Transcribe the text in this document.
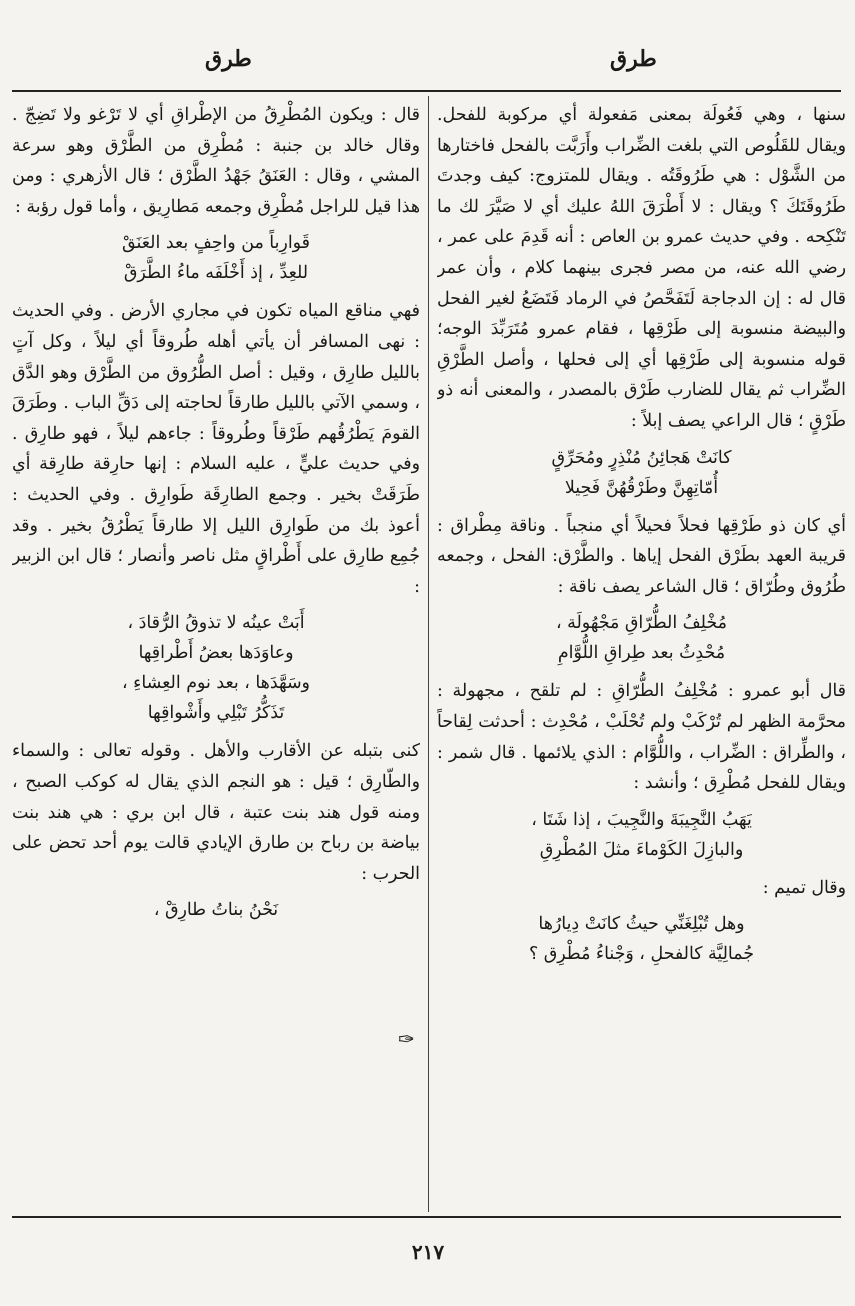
طرق
طرق

سنها ، وهي فَعُولَة بمعنى مَفعولة أي مركوبة للفحل. ويقال للقَلُوص التي بلغت الضِّراب وأَرَبَّت بالفحل فاختارها من الشَّوْل : هي طَرُوقَتُه . ويقال للمتزوج: كيف وجدتَ طَرُوقَتَكَ ؟ ويقال : لا أَطْرَقَ اللهُ عليك أي لا صَيَّرَ لك ما تَنْكِحه . وفي حديث عمرو بن العاص : أنه قَدِمَ على عمر ، رضي الله عنه، من مصر فجرى بينهما كلام ، وأن عمر قال له : إن الدجاجة لَتَفَحَّصُ في الرماد فَتَضَعُ لغير الفحل والبيضة منسوبة إلى طَرْقِها ، فقام عمرو مُتَرَبِّدَ الوجه؛ قوله منسوبة إلى طَرْقِها أي إلى فحلها ، وأصل الطَّرْقِ الضِّراب ثم يقال للضارب طَرْق بالمصدر ، والمعنى أنه ذو طَرْقٍ ؛ قال الراعي يصف إبلاً :

كانَتْ هَجائِنُ مُنْذِرٍ ومُحَرِّقٍ
أُمّاتِهِنَّ وطَرْقُهُنَّ فَحِيلا

أي كان ذو طَرْقِها فحلاً فحيلاً أي منجباً . وناقة مِطْراق : قريبة العهد بطَرْق الفحل إياها . والطَّرْق: الفحل ، وجمعه طُرُوق وطُرّاق ؛ قال الشاعر يصف ناقة :

مُخْلِفُ الطُّرّاقِ مَجْهُولَة ،
مُحْدِثُ بعد طِراقِ اللُّوَّامِ

قال أبو عمرو : مُخْلِفُ الطُّرّاقِ : لم تلقح ، مجهولة : محرَّمة الظهر لم تُرْكَبْ ولم تُحْلَبْ ، مُحْدِث : أحدثت لِقاحاً ، والطِّراق : الضِّراب ، واللُّوَّام : الذي يلائمها . قال شمر : ويقال للفحل مُطْرِق ؛ وأنشد :

يَهَبُ النَّجِيبَةَ والنَّجِيبَ ، إذا شَتَا ،
والبازِلَ الكَوْماءَ مثلَ المُطْرِقِ

وقال تميم :

وهل تُبْلِغَنِّي حيثُ كانَتْ دِيارُها
جُمالِيَّة كالفحلِ ، وَجْناءُ مُطْرِق ؟

قال : ويكون المُطْرِقُ من الإطْراقِ أي لا تَرْغو ولا تَضِجّ . وقال خالد بن جنبة : مُطْرِق من الطَّرْق وهو سرعة المشي ، وقال : العَنَقُ جَهْدُ الطَّرْق ؛ قال الأزهري : ومن هذا قيل للراجل مُطْرِق وجمعه مَطارِيق ، وأما قول رؤبة :

قَوارِباً من واحِفٍ بعد العَنَقْ
للعِدِّ ، إذ أَخْلَفَه ماءُ الطَّرَقْ

فهي مناقع المياه تكون في مجاري الأرض . وفي الحديث : نهى المسافر أن يأتي أهله طُروقاً أي ليلاً ، وكل آتٍ بالليل طارِق ، وقيل : أصل الطُّرُوق من الطَّرْق وهو الدَّق ، وسمي الآتي بالليل طارقاً لحاجته إلى دَقِّ الباب . وطَرَقَ القومَ يَطْرُقُهم طَرْقاً وطُروقاً : جاءهم ليلاً ، فهو طارِق . وفي حديث عليٍّ ، عليه السلام : إنها حارِقة طارِقة أي طَرَقَتْ بخير . وجمع الطارِقَة طَوارِق . وفي الحديث : أعوذ بك من طَوارِق الليل إلا طارقاً يَطْرُقُ بخير . وقد جُمِع طارِق على أَطْراقٍ مثل ناصر وأنصار ؛ قال ابن الزبير :

أَبَتْ عينُه لا تذوقُ الرُّقادَ ،
وعاوَدَها بعضُ أَطْراقِها
وسَهَّدَها ، بعد نوم العِشاءِ ،
تَذَكُّرُ تَبْلِي وأَشْواقِها

كنى بتبله عن الأقارب والأهل . وقوله تعالى : والسماء والطّارِق ؛ قيل : هو النجم الذي يقال له كوكب الصبح ، ومنه قول هند بنت عتبة ، قال ابن بري : هي هند بنت بياضة بن رباح بن طارق الإيادي قالت يوم أحد تحض على الحرب :

نَحْنُ بناتُ طارِقْ ،
✑
٢١٧
